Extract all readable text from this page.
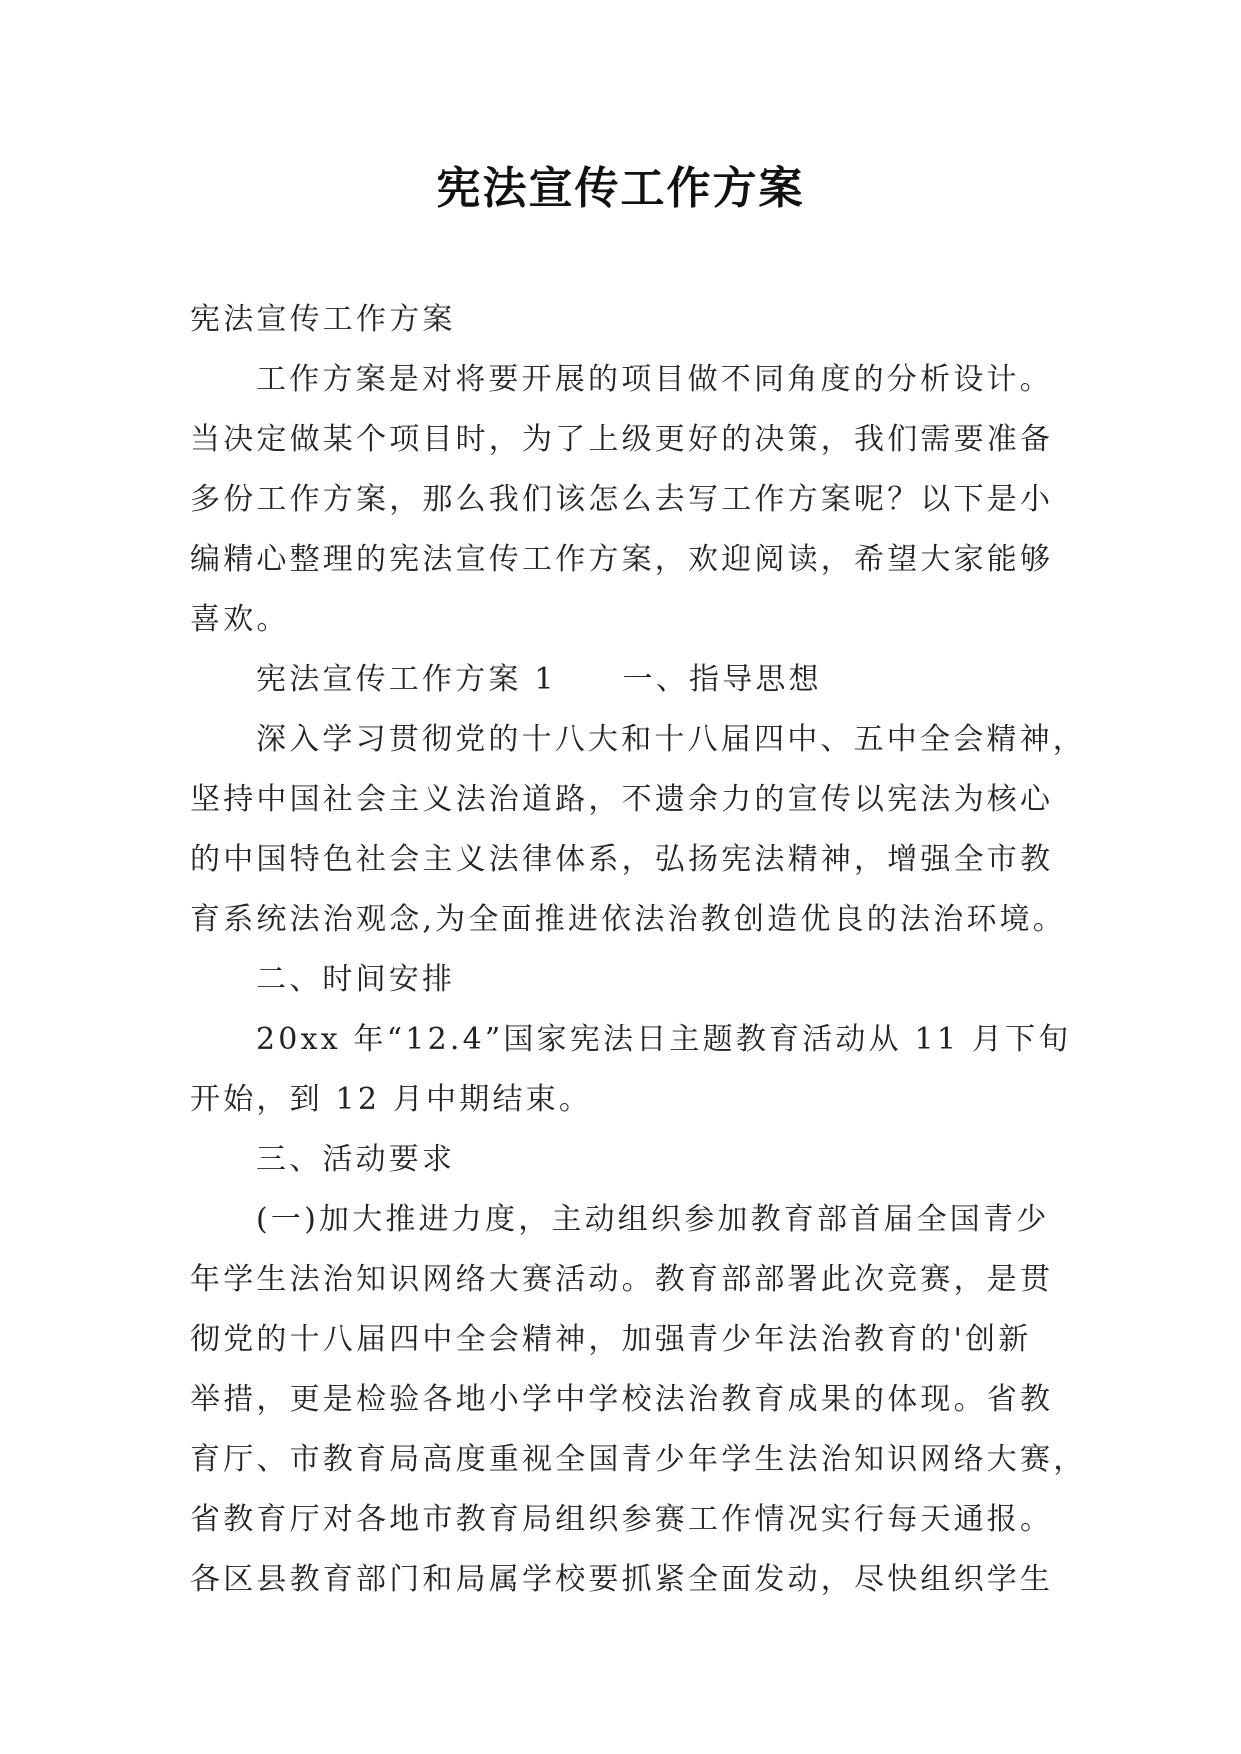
宪法宣传工作方案
宪法宣传工作方案
工作方案是对将要开展的项目做不同角度的分析设计。
当决定做某个项目时，为了上级更好的决策，我们需要准备
多份工作方案，那么我们该怎么去写工作方案呢？以下是小
编精心整理的宪法宣传工作方案，欢迎阅读，希望大家能够
喜欢。
宪法宣传工作方案 1 一、指导思想
深入学习贯彻党的十八大和十八届四中、五中全会精神，
坚持中国社会主义法治道路，不遗余力的宣传以宪法为核心
的中国特色社会主义法律体系，弘扬宪法精神，增强全市教
育系统法治观念,为全面推进依法治教创造优良的法治环境。
二、时间安排
20xx 年“12.4”国家宪法日主题教育活动从 11 月下旬
开始，到 12 月中期结束。
三、活动要求
(一)加大推进力度，主动组织参加教育部首届全国青少
年学生法治知识网络大赛活动。教育部部署此次竞赛，是贯
彻党的十八届四中全会精神，加强青少年法治教育的'创新
举措，更是检验各地小学中学校法治教育成果的体现。省教
育厅、市教育局高度重视全国青少年学生法治知识网络大赛，
省教育厅对各地市教育局组织参赛工作情况实行每天通报。
各区县教育部门和局属学校要抓紧全面发动，尽快组织学生
